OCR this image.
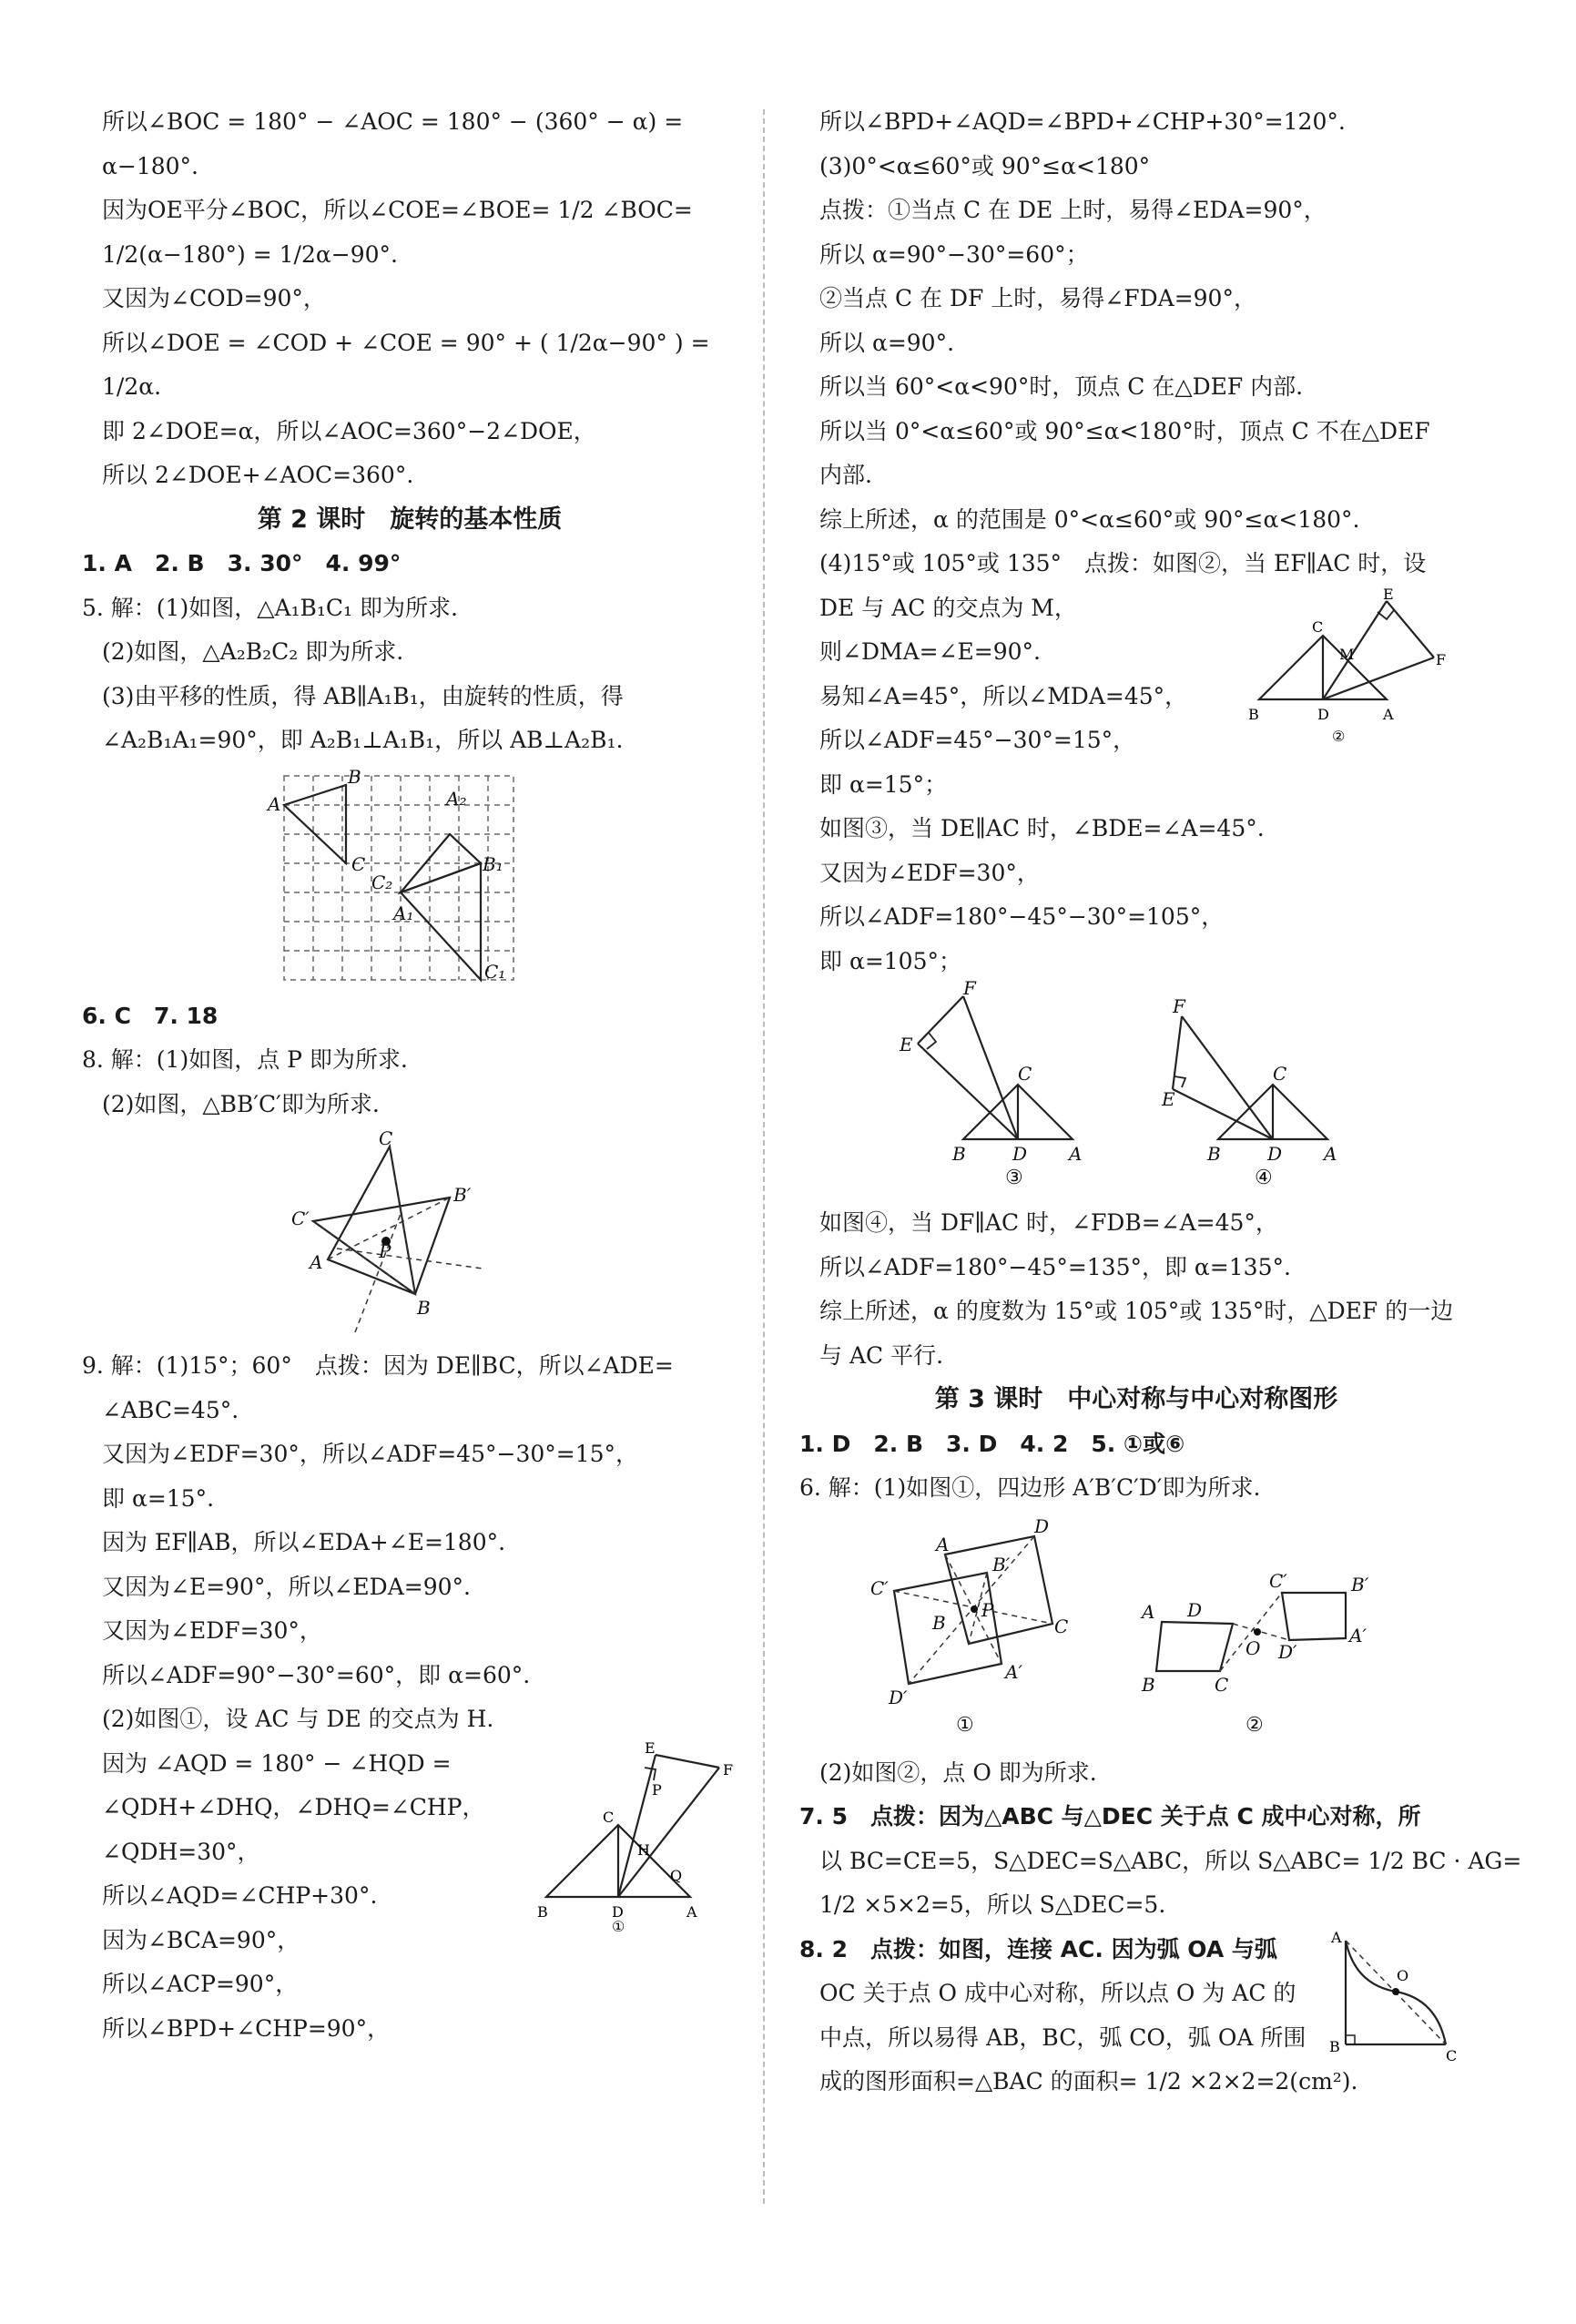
所以∠BOC = 180° − ∠AOC = 180° − (360° − α) =
α−180°.
因为OE平分∠BOC，所以∠COE=∠BOE= 1/2 ∠BOC=
1/2(α−180°) = 1/2α−90°.
又因为∠COD=90°，
所以∠DOE = ∠COD + ∠COE = 90° + ( 1/2α−90° ) =
1/2α.
即 2∠DOE=α，所以∠AOC=360°−2∠DOE，
所以 2∠DOE+∠AOC=360°.
第 2 课时　旋转的基本性质
1. A　2. B　3. 30°　4. 99°
5. 解：(1)如图，△A₁B₁C₁ 即为所求.
(2)如图，△A₂B₂C₂ 即为所求.
(3)由平移的性质，得 AB∥A₁B₁，由旋转的性质，得
∠A₂B₁A₁=90°，即 A₂B₁⊥A₁B₁，所以 AB⊥A₂B₁.
A
B
C
A₂
B₁
C₂
A₁
C₁
6. C　7. 18
8. 解：(1)如图，点 P 即为所求.
(2)如图，△BB′C′即为所求.
C
B′
C′
P
A
B
9. 解：(1)15°；60°　点拨：因为 DE∥BC，所以∠ADE=
∠ABC=45°.
又因为∠EDF=30°，所以∠ADF=45°−30°=15°，
即 α=15°.
因为 EF∥AB，所以∠EDA+∠E=180°.
又因为∠E=90°，所以∠EDA=90°.
又因为∠EDF=30°，
所以∠ADF=90°−30°=60°，即 α=60°.
(2)如图①，设 AC 与 DE 的交点为 H.
因为 ∠AQD = 180° − ∠HQD =
∠QDH+∠DHQ，∠DHQ=∠CHP，
∠QDH=30°，
所以∠AQD=∠CHP+30°.
因为∠BCA=90°，
所以∠ACP=90°，
所以∠BPD+∠CHP=90°，
E
P
F
C
H
Q
B	D	A
①
所以∠BPD+∠AQD=∠BPD+∠CHP+30°=120°.
(3)0°<α≤60°或 90°≤α<180°
点拨：①当点 C 在 DE 上时，易得∠EDA=90°，
所以 α=90°−30°=60°；
②当点 C 在 DF 上时，易得∠FDA=90°，
所以 α=90°.
所以当 60°<α<90°时，顶点 C 在△DEF 内部.
所以当 0°<α≤60°或 90°≤α<180°时，顶点 C 不在△DEF
内部.
综上所述，α 的范围是 0°<α≤60°或 90°≤α<180°.
(4)15°或 105°或 135°　点拨：如图②，当 EF∥AC 时，设
DE 与 AC 的交点为 M，
则∠DMA=∠E=90°.
易知∠A=45°，所以∠MDA=45°，
所以∠ADF=45°−30°=15°，
即 α=15°；
C
M
E
F
B	D	A
②
如图③，当 DE∥AC 时，∠BDE=∠A=45°.
又因为∠EDF=30°，
所以∠ADF=180°−45°−30°=105°，
即 α=105°；
F
E
C
B	D A
③
F
E
C
B	D A
④
如图④，当 DF∥AC 时，∠FDB=∠A=45°，
所以∠ADF=180°−45°=135°，即 α=135°.
综上所述，α 的度数为 15°或 105°或 135°时，△DEF 的一边
与 AC 平行.
第 3 课时　中心对称与中心对称图形
1. D　2. B　3. D　4. 2　5. ①或⑥
6. 解：(1)如图①，四边形 A′B′C′D′即为所求.
A
D
C′
B′
P
B	C
A′
D′
①
A D
B	C
O
C′	B′
D′
A′
②
(2)如图②，点 O 即为所求.
7. 5　点拨：因为△ABC 与△DEC 关于点 C 成中心对称，所
以 BC=CE=5，S△DEC=S△ABC，所以 S△ABC= 1/2 BC · AG=
1/2 ×5×2=5，所以 S△DEC=5.
8. 2　点拨：如图，连接 AC. 因为弧 OA 与弧
OC 关于点 O 成中心对称，所以点 O 为 AC 的
中点，所以易得 AB，BC，弧 CO，弧 OA 所围
成的图形面积=△BAC 的面积= 1/2 ×2×2=2(cm²).
A
O
B
C
